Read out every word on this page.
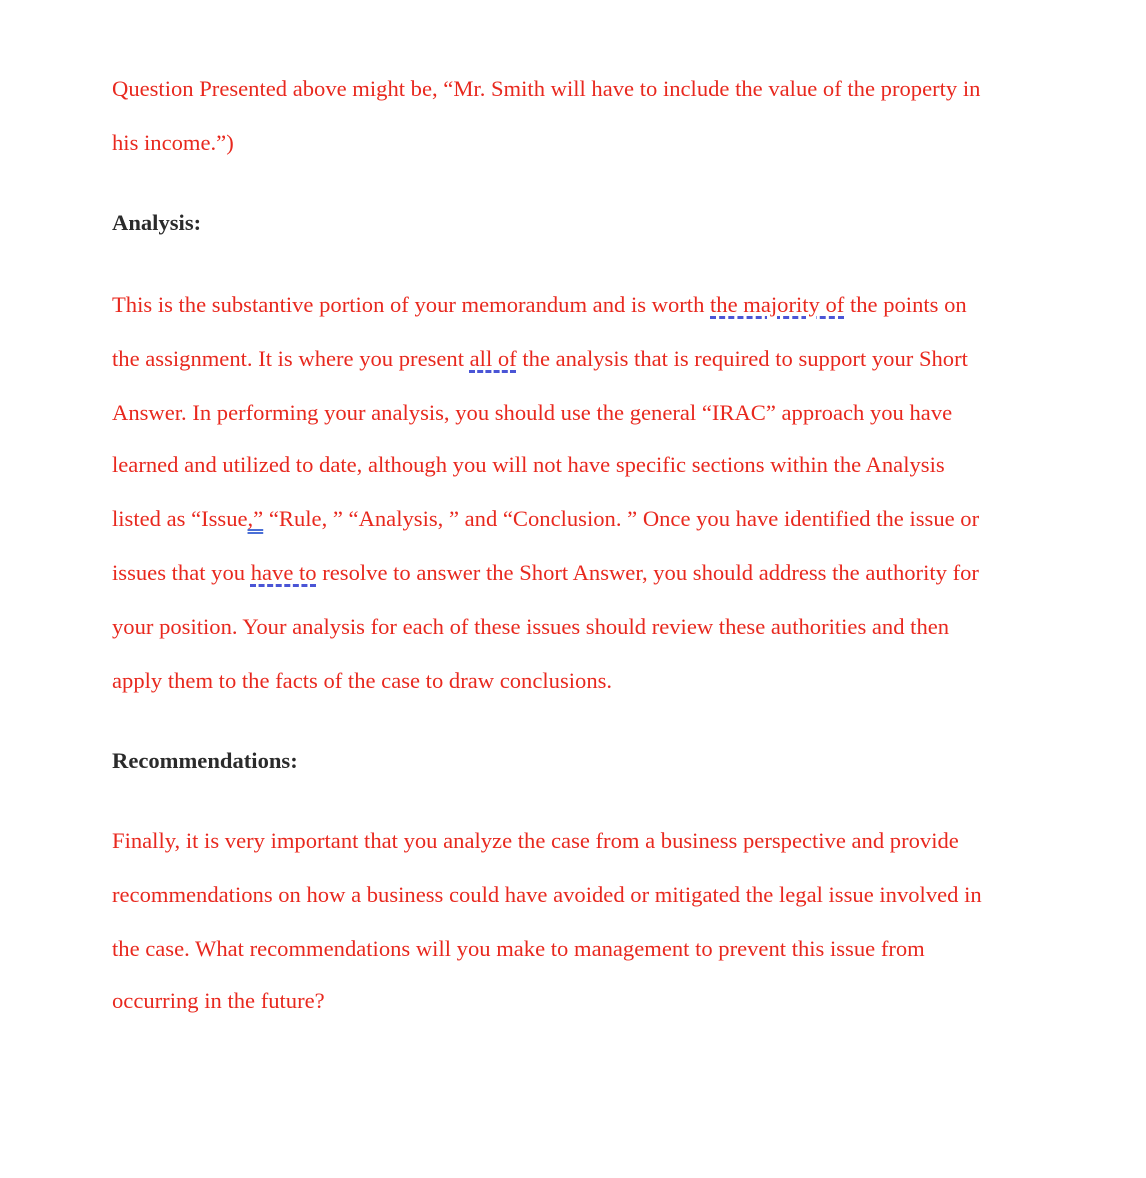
Question Presented above might be, “Mr. Smith will have to include the value of the property in
his income.”)
Analysis:
This is the substantive portion of your memorandum and is worth the majority of the points on
the assignment. It is where you present all of the analysis that is required to support your Short
Answer. In performing your analysis, you should use the general “IRAC” approach you have
learned and utilized to date, although you will not have specific sections within the Analysis
listed as “Issue,” “Rule, ” “Analysis, ” and “Conclusion. ” Once you have identified the issue or
issues that you have to resolve to answer the Short Answer, you should address the authority for
your position. Your analysis for each of these issues should review these authorities and then
apply them to the facts of the case to draw conclusions.
Recommendations:
Finally, it is very important that you analyze the case from a business perspective and provide
recommendations on how a business could have avoided or mitigated the legal issue involved in
the case. What recommendations will you make to management to prevent this issue from
occurring in the future?
